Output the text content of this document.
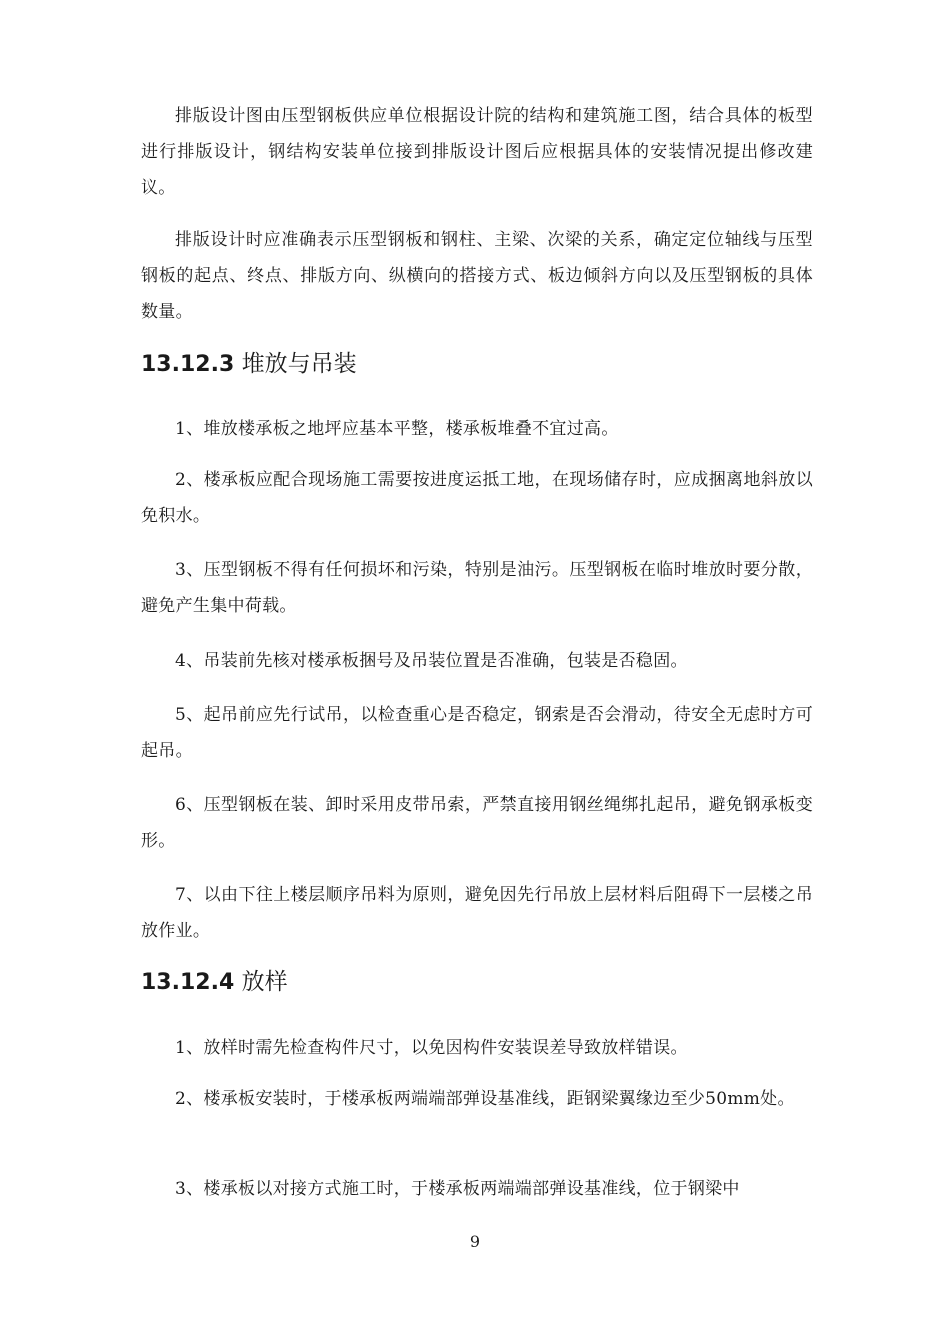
排版设计图由压型钢板供应单位根据设计院的结构和建筑施工图，结合具体的板型进行排版设计，钢结构安装单位接到排版设计图后应根据具体的安装情况提出修改建议。

排版设计时应准确表示压型钢板和钢柱、主梁、次梁的关系，确定定位轴线与压型钢板的起点、终点、排版方向、纵横向的搭接方式、板边倾斜方向以及压型钢板的具体数量。

13.12.3 堆放与吊装

1、堆放楼承板之地坪应基本平整，楼承板堆叠不宜过高。

2、楼承板应配合现场施工需要按进度运抵工地，在现场储存时，应成捆离地斜放以免积水。

3、压型钢板不得有任何损坏和污染，特别是油污。压型钢板在临时堆放时要分散，避免产生集中荷载。

4、吊装前先核对楼承板捆号及吊装位置是否准确，包装是否稳固。

5、起吊前应先行试吊，以检查重心是否稳定，钢索是否会滑动，待安全无虑时方可起吊。

6、压型钢板在装、卸时采用皮带吊索，严禁直接用钢丝绳绑扎起吊，避免钢承板变形。

7、以由下往上楼层顺序吊料为原则，避免因先行吊放上层材料后阻碍下一层楼之吊放作业。

13.12.4 放样

1、放样时需先检查构件尺寸，以免因构件安装误差导致放样错误。

2、楼承板安装时，于楼承板两端端部弹设基准线，距钢梁翼缘边至少50mm处。

3、楼承板以对接方式施工时，于楼承板两端端部弹设基准线，位于钢梁中

9
